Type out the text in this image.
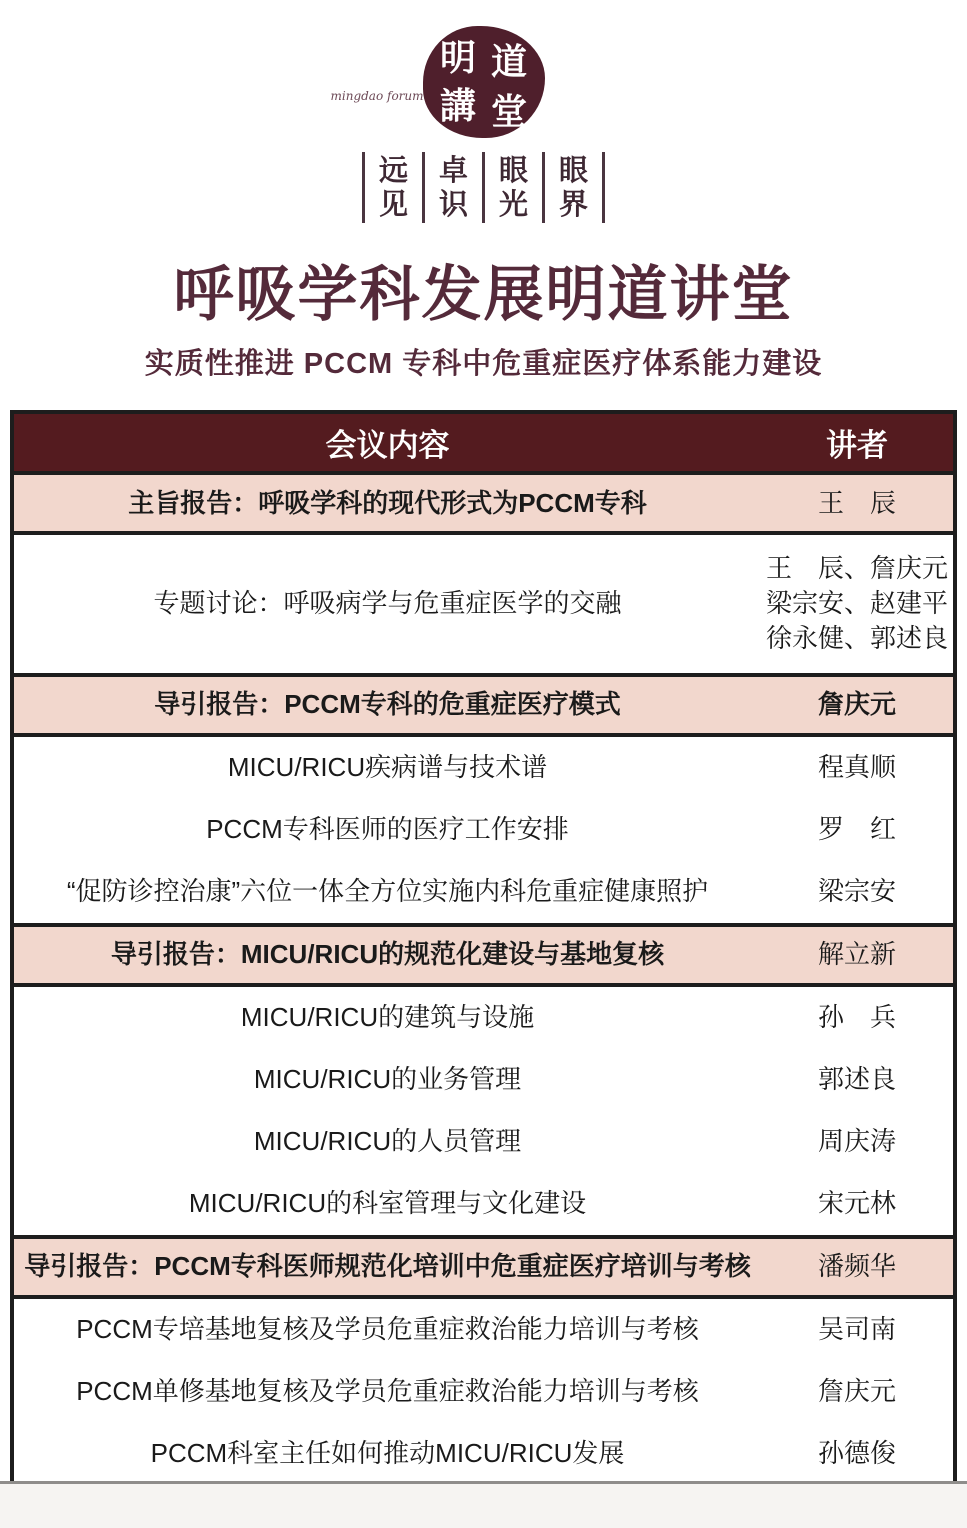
明 道
講 堂
mingdao forum
远
见
卓
识
眼
光
眼
界
呼吸学科发展明道讲堂
实质性推进 PCCM 专科中危重症医疗体系能力建设
会议内容	讲者
主旨报告：呼吸学科的现代形式为PCCM专科	王　辰
专题讨论：呼吸病学与危重症医学的交融
王　辰、詹庆元
梁宗安、赵建平
徐永健、郭述良
导引报告：PCCM专科的危重症医疗模式	詹庆元
MICU/RICU疾病谱与技术谱	程真顺
PCCM专科医师的医疗工作安排	罗　红
“促防诊控治康”六位一体全方位实施内科危重症健康照护	梁宗安
导引报告：MICU/RICU的规范化建设与基地复核	解立新
MICU/RICU的建筑与设施	孙　兵
MICU/RICU的业务管理	郭述良
MICU/RICU的人员管理	周庆涛
MICU/RICU的科室管理与文化建设	宋元林
导引报告：PCCM专科医师规范化培训中危重症医疗培训与考核	潘频华
PCCM专培基地复核及学员危重症救治能力培训与考核	吴司南
PCCM单修基地复核及学员危重症救治能力培训与考核	詹庆元
PCCM科室主任如何推动MICU/RICU发展	孙德俊
